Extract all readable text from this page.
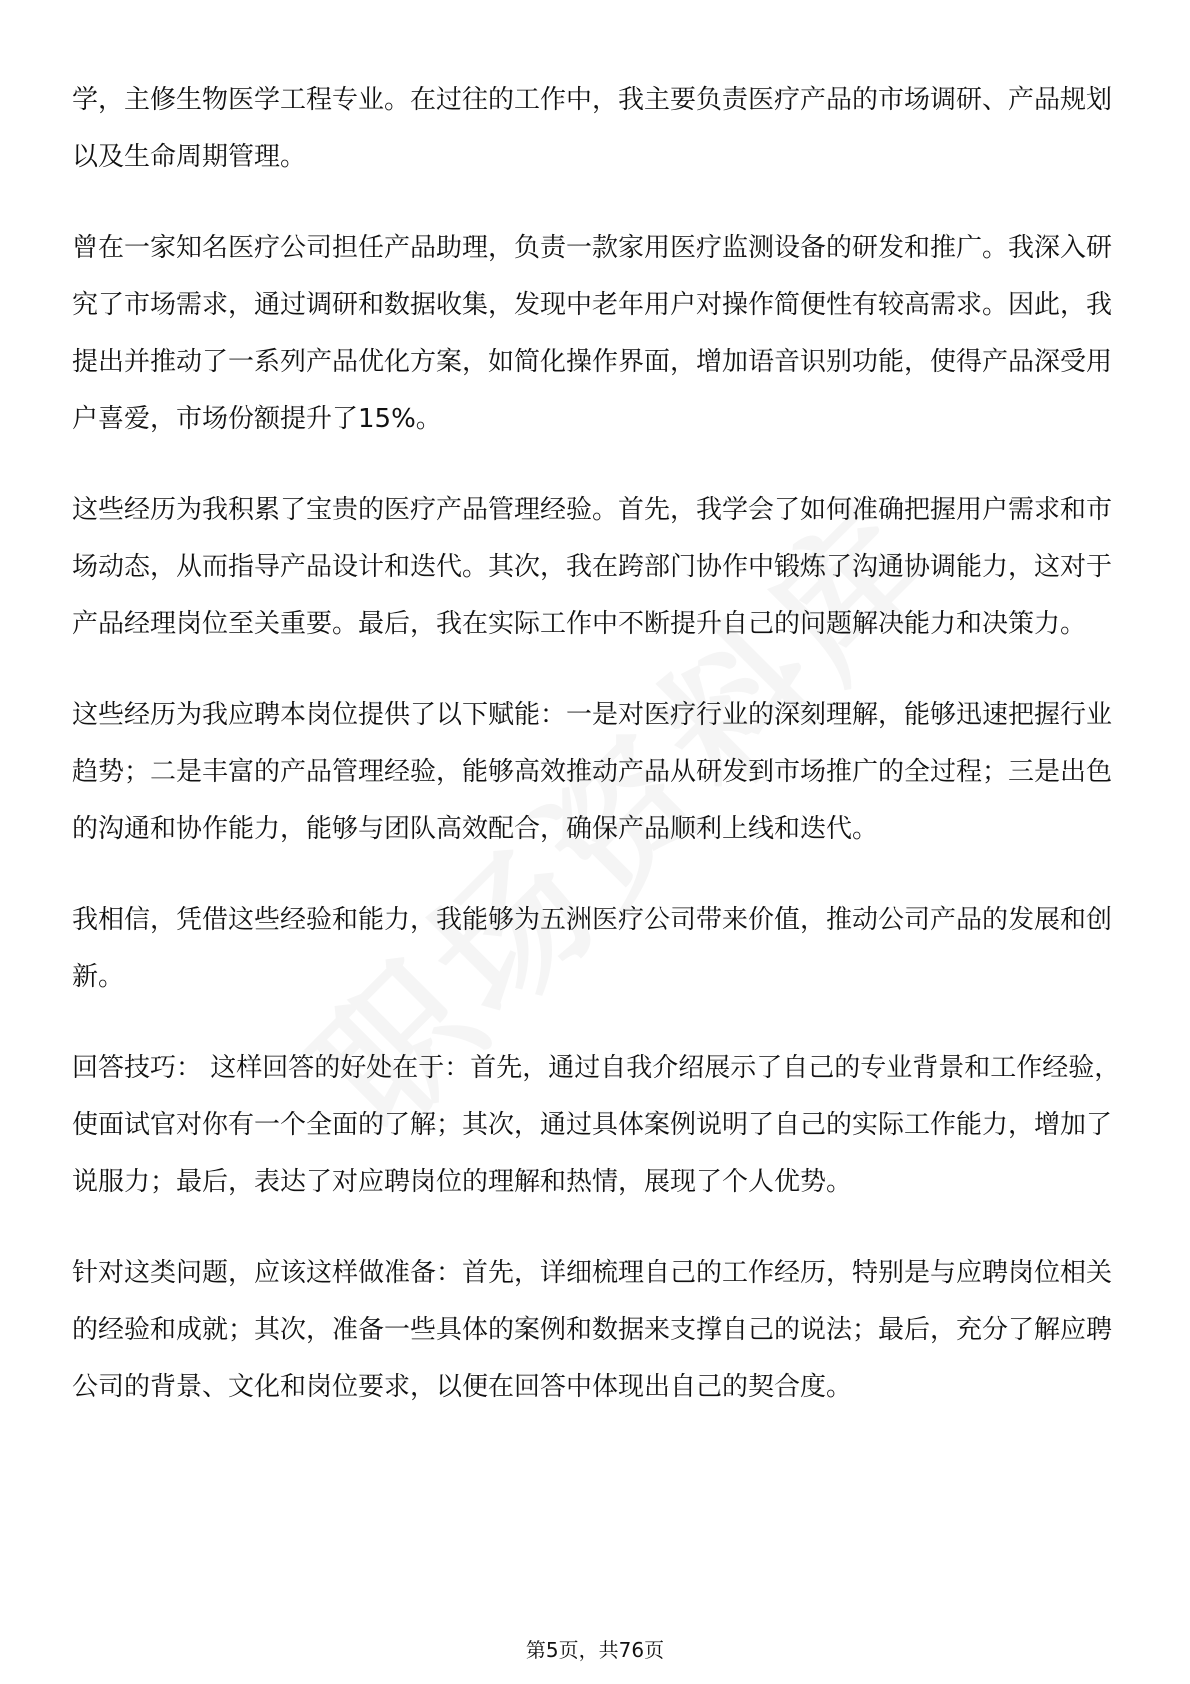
学，主修生物医学工程专业。在过往的工作中，我主要负责医疗产品的市场调研、产品规划以及生命周期管理。

曾在一家知名医疗公司担任产品助理，负责一款家用医疗监测设备的研发和推广。我深入研究了市场需求，通过调研和数据收集，发现中老年用户对操作简便性有较高需求。因此，我提出并推动了一系列产品优化方案，如简化操作界面，增加语音识别功能，使得产品深受用户喜爱，市场份额提升了15%。

这些经历为我积累了宝贵的医疗产品管理经验。首先，我学会了如何准确把握用户需求和市场动态，从而指导产品设计和迭代。其次，我在跨部门协作中锻炼了沟通协调能力，这对于产品经理岗位至关重要。最后，我在实际工作中不断提升自己的问题解决能力和决策力。

这些经历为我应聘本岗位提供了以下赋能：一是对医疗行业的深刻理解，能够迅速把握行业趋势；二是丰富的产品管理经验，能够高效推动产品从研发到市场推广的全过程；三是出色的沟通和协作能力，能够与团队高效配合，确保产品顺利上线和迭代。

我相信，凭借这些经验和能力，我能够为五洲医疗公司带来价值，推动公司产品的发展和创新。

回答技巧： 这样回答的好处在于：首先，通过自我介绍展示了自己的专业背景和工作经验，使面试官对你有一个全面的了解；其次，通过具体案例说明了自己的实际工作能力，增加了说服力；最后，表达了对应聘岗位的理解和热情，展现了个人优势。

针对这类问题，应该这样做准备：首先，详细梳理自己的工作经历，特别是与应聘岗位相关的经验和成就；其次，准备一些具体的案例和数据来支撑自己的说法；最后，充分了解应聘公司的背景、文化和岗位要求，以便在回答中体现出自己的契合度。

第5页，共76页
